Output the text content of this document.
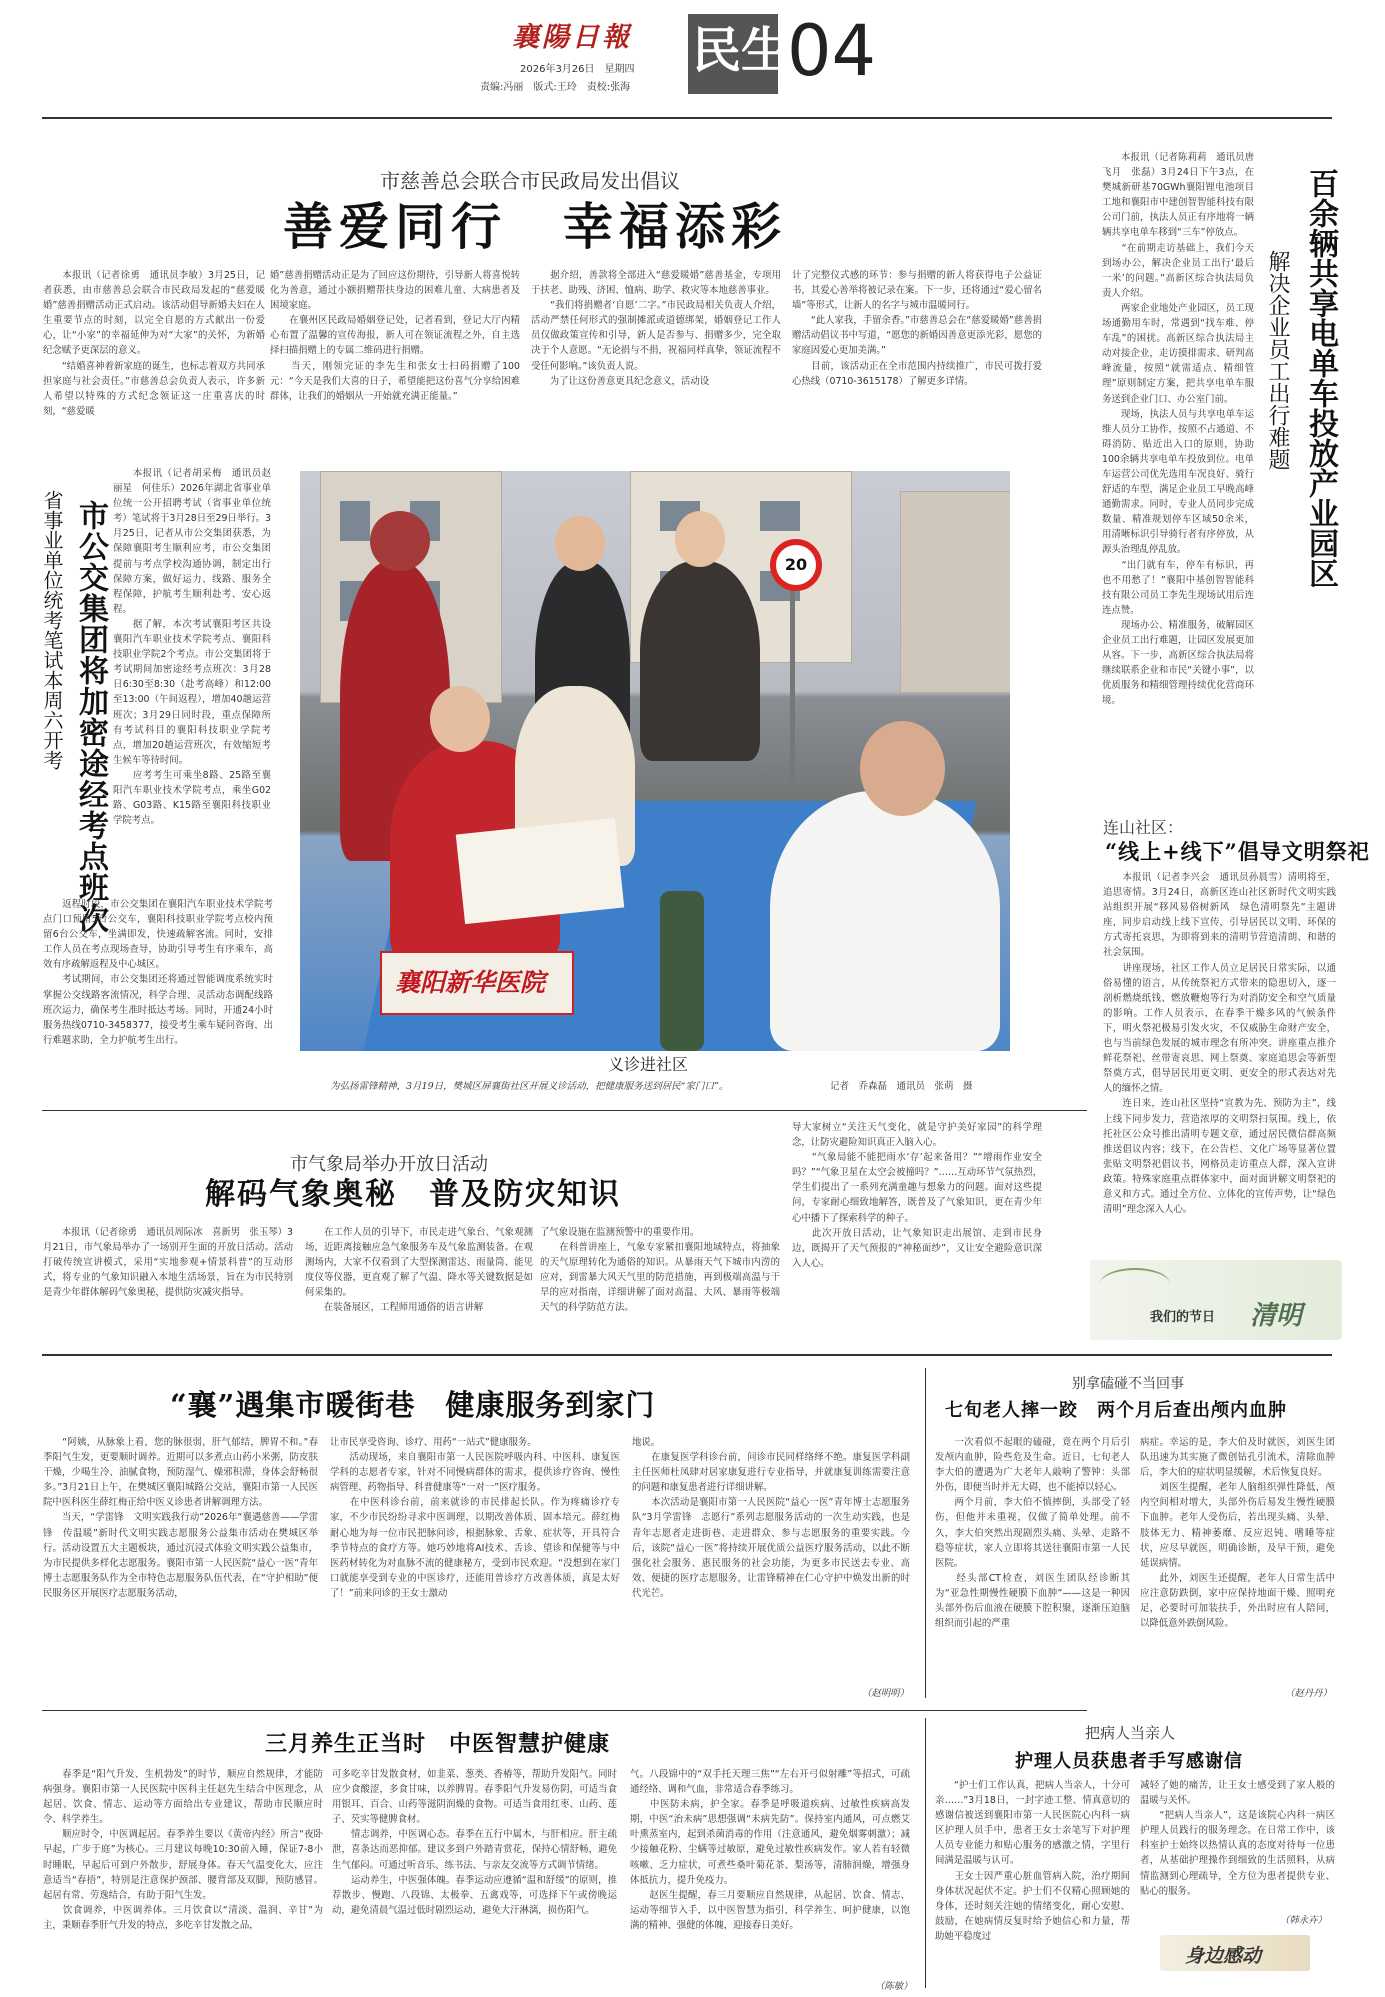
襄陽日報
2026年3月26日　星期四
责编:冯丽　版式:王玲　责校:张海
民生
04
市慈善总会联合市民政局发出倡议
善爱同行　幸福添彩
　　本报讯（记者徐勇　通讯员李敏）3月25日，记者获悉，由市慈善总会联合市民政局发起的“慈爱暖婚”慈善捐赠活动正式启动。该活动倡导新婚夫妇在人生重要节点的时刻，以完全自愿的方式献出一份爱心，让“小家”的幸福延伸为对“大家”的关怀，为新婚纪念赋予更深层的意义。
　　“结婚喜神着新家庭的诞生，也标志着双方共同承担家庭与社会责任。”市慈善总会负责人表示，许多新人希望以特殊的方式纪念领证这一庄重喜庆的时刻，“慈爱暖
婚”慈善捐赠活动正是为了回应这份期待，引导新人将喜悦转化为善意，通过小额捐赠帮扶身边的困难儿童、大病患者及困境家庭。
　　在襄州区民政局婚姻登记处，记者看到，登记大厅内精心布置了温馨的宣传海报，新人可在领证流程之外，自主选择扫描捐赠上的专属二维码进行捐赠。
　　当天，刚领完证的李先生和张女士扫码捐赠了100元：“今天是我们大喜的日子，希望能把这份喜气分享给困难群体，让我们的婚姻从一开始就充满正能量。”
　　据介绍，善款将全部进入“慈爱暖婚”慈善基金，专项用于扶老、助残、济困、恤病、助学、救灾等本地慈善事业。
　　“我们将捐赠者‘自愿’二字。”市民政局相关负责人介绍，活动严禁任何形式的强制摊派或道德绑架，婚姻登记工作人员仅做政策宣传和引导，新人是否参与、捐赠多少，完全取决于个人意愿。“无论捐与不捐，祝福同样真挚，领证流程不受任何影响。”该负责人说。
　　为了让这份善意更具纪念意义，活动设
计了完整仪式感的环节：参与捐赠的新人将获得电子公益证书，其爱心善举将被记录在案。下一步，还将通过“爱心留名墙”等形式，让新人的名字与城市温暖同行。
　　“此人家我，手留余香。”市慈善总会在“慈爱暖婚”慈善捐赠活动倡议书中写道，“愿您的新婚因善意更添光彩，愿您的家庭因爱心更加美满。”
　　目前，该活动正在全市范围内持续推广，市民可拨打爱心热线（0710-3615178）了解更多详情。
市公交集团将加密途经考点班次
省事业单位统考笔试本周六开考
　　本报讯（记者胡采梅　通讯员赵丽星　何佳乐）2026年湖北省事业单位统一公开招聘考试（省事业单位统考）笔试将于3月28日至29日举行。3月25日，记者从市公交集团获悉，为保障襄阳考生顺利应考，市公交集团提前与考点学校沟通协调，制定出行保障方案，做好运力、线路、服务全程保障，护航考生顺利赴考、安心返程。
　　据了解，本次考试襄阳考区共设襄阳汽车职业技术学院考点、襄阳科技职业学院2个考点。市公交集团将于考试期间加密途经考点班次：3月28日6:30至8:30（赴考高峰）和12:00至13:00（午间返程），增加40趟运营班次；3月29日同时段，重点保障所有考试科目的襄阳科技职业学院考点，增加20趟运营班次，有效缩短考生候车等待时间。
　　应考考生可乘坐8路、25路至襄阳汽车职业技术学院考点，乘坐G02路、G03路、K15路至襄阳科技职业学院考点。
　　返程时段，市公交集团在襄阳汽车职业技术学院考点门口预留5台公交车，襄阳科技职业学院考点校内预留6台公交车，坐满即发，快速疏解客流。同时，安排工作人员在考点现场查导，协助引导考生有序乘车，高效有序疏解返程及中心城区。
　　考试期间，市公交集团还将通过智能调度系统实时掌握公交线路客流情况，科学合理、灵活动态调配线路班次运力，确保考生准时抵达考场。同时，开通24小时服务热线0710-3458377，接受考生乘车疑问咨询、出行难题求助，全力护航考生出行。
20
襄阳新华医院
义诊进社区
为弘扬雷锋精神，3月19日，樊城区屏襄街社区开展义诊活动，把健康服务送到居民“家门口”。	记者　乔森磊　通讯员　张萌　摄
百余辆共享电单车投放产业园区
解决企业员工出行难题
　　本报讯（记者陈莉莉　通讯员唐飞月　张磊）3月24日下午3点，在樊城新研基70GWh襄阳锂电池项目工地和襄阳市中建创智智能科技有限公司门前，执法人员正有序地将一辆辆共享电单车移到“三车”停放点。
　　“在前期走访基础上，我们今天到场办公，解决企业员工出行‘最后一米’的问题。”高新区综合执法局负责人介绍。
　　两家企业地处产业园区，员工现场通勤用车时，常遇到“找车难、停车乱”的困扰。高新区综合执法局主动对接企业，走访摸排需求、研判高峰流量，按照“就需适点、精细管理”原则制定方案，把共享电单车服务送到企业门口、办公室门前。
　　现场，执法人员与共享电单车运维人员分工协作，按照不占通道、不碍消防、贴近出入口的原则，协助100余辆共享电单车投放到位。电单车运营公司优先选用车况良好、骑行舒适的车型，满足企业员工早晚高峰通勤需求。同时，专业人员同步完成数量、精准规划停车区域50余米，用清晰标识引导骑行者有序停放，从源头治理乱停乱放。
　　“出门就有车，停车有标识，再也不用愁了！”襄阳中基创智智能科技有限公司员工李先生现场试用后连连点赞。
　　现场办公、精准服务，破解园区企业员工出行难题，让园区发展更加从容。下一步，高新区综合执法局将继续联系企业和市民“关键小事”，以优质服务和精细管理持续优化营商环境。
连山社区：
“线上+线下”倡导文明祭祀
　　本报讯（记者李兴会　通讯员孙晨雪）清明将至，追思寄情。3月24日，高新区连山社区新时代文明实践站组织开展“移风易俗树新风　绿色清明祭先”主题讲座，同步启动线上线下宣传，引导居民以文明、环保的方式寄托哀思，为即将到来的清明节营造清朗、和谐的社会氛围。
　　讲座现场，社区工作人员立足居民日常实际，以通俗易懂的语言，从传统祭祀方式带来的隐患切入，逐一剖析燃烧纸钱、燃放鞭炮等行为对消防安全和空气质量的影响。工作人员表示，在春季干燥多风的气候条件下，明火祭祀极易引发火灾，不仅威胁生命财产安全，也与当前绿色发展的城市理念有所冲突。讲座重点推介鲜花祭祀、丝带寄哀思、网上祭奠、家庭追思会等新型祭奠方式，倡导居民用更文明、更安全的形式表达对先人的缅怀之情。
　　连日来，连山社区坚持“宣教为先、预防为主”，线上线下同步发力，营造浓厚的文明祭扫氛围。线上，依托社区公众号推出清明专题文章，通过居民微信群高频推送倡议内容；线下，在公告栏、文化广场等显著位置张贴文明祭祀倡议书，网格员走访重点人群，深入宣讲政策。特殊家庭重点群体家中，面对面讲解文明祭祀的意义和方式。通过全方位、立体化的宣传声势，让“绿色清明”理念深入人心。
我们的节日 清明
市气象局举办开放日活动
解码气象奥秘　普及防灾知识
　　本报讯（记者徐勇　通讯员周际冰　喜新男　张玉琴）3月21日，市气象局举办了一场别开生面的开放日活动。活动打破传统宣讲模式，采用“实地参观+情景科普”的互动形式，将专业的气象知识融入本地生活场景，旨在为市民特别是青少年群体解码气象奥秘，提供防灾减灾指导。
　　在工作人员的引导下，市民走进气象台、气象观测场，近距离接触应急气象服务车及气象监测装备。在观测场内，大家不仅看到了大型探测雷达、雨量筒、能见度仪等仪器，更直观了解了气温、降水等关键数据是如何采集的。
　　在装备展区，工程师用通俗的语言讲解
了气象设施在监测预警中的重要作用。
　　在科普讲座上，气象专家紧扣襄阳地域特点，将抽象的天气原理转化为通俗的知识。从暴雨天气下城市内涝的应对，到雷暴大风天气里的防范措施，再到极端高温与干旱的应对指南，详细讲解了面对高温、大风、暴雨等极端天气的科学防范方法。
导大家树立“关注天气变化，就是守护美好家园”的科学理念，让防灾避险知识真正入脑入心。
　　“气象局能不能把雨水‘存’起来备用？”“增雨作业安全吗？”“气象卫星在太空会被撞吗？”……互动环节气氛热烈，学生们提出了一系列充满童趣与想象力的问题。面对这些提问，专家耐心细致地解答，既普及了气象知识，更在青少年心中播下了探索科学的种子。
　　此次开放日活动，让气象知识走出展馆、走到市民身边，既揭开了天气预报的“神秘面纱”，又让安全避险意识深入人心。
“襄”遇集市暖街巷　健康服务到家门
　　“阿姨，从脉象上看，您的脉很弱，肝气郁结，脾胃不和。”春季阳气生发，更要顺时调养。近期可以多煮点山药小米粥，防皮肤干燥，少喝生冷、油腻食物，预防湿气、燥邪积滞，身体会舒畅很多。”3月21日上午，在樊城区襄阳城路公交站，襄阳市第一人民医院中医科医生薛红梅正给中医义诊患者讲解调理方法。
　　当天，“学雷锋　文明实践我行动”2026年“襄遇慈善——学雷锋　传温暖”新时代文明实践志愿服务公益集市活动在樊城区举行。活动设置五大主题板块，通过沉浸式体验文明实践公益集市，为市民提供多样化志愿服务。襄阳市第一人民医院“益心一医”青年博士志愿服务队作为全市特色志愿服务队伍代表，在“守护相助”便民服务区开展医疗志愿服务活动，
让市民享受咨询、诊疗、用药“一站式”健康服务。
　　活动现场，来自襄阳市第一人民医院呼吸内科、中医科、康复医学科的志愿者专家，针对不同慢病群体的需求，提供诊疗咨询、慢性病管理、药物指导、科普健康等“一对一”医疗服务。
　　在中医科诊台前，前来就诊的市民排起长队。作为疼痛诊疗专家，不少市民纷纷寻求中医调理，以期改善体质、固本培元。薛红梅耐心地为每一位市民把脉问诊，根据脉象、舌象、症状等，开具符合季节特点的食疗方等。她巧妙地将AI技术、舌诊、望诊和保健等与中医药材转化为对血脉不流的健康秘方，受到市民欢迎。“没想到在家门口就能享受到专业的中医诊疗，还能用普诊疗方改善体质，真是太好了！”前来问诊的王女士激动
地说。
　　在康复医学科诊台前，问诊市民同样络绎不绝。康复医学科副主任医师杜凤肆对居家康复进行专业指导，并就康复训练需要注意的问题和康复患者进行详细讲解。
　　本次活动是襄阳市第一人民医院“益心一医”青年博士志愿服务队“3月学雷锋　志愿行”系列志愿服务活动的一次生动实践，也是青年志愿者走进街巷、走进群众、参与志愿服务的重要实践。今后，该院“益心一医”将持续开展优质公益医疗服务活动，以此不断强化社会服务、惠民服务的社会功能，为更多市民送去专业、高效、便捷的医疗志愿服务，让雷锋精神在仁心守护中焕发出新的时代光芒。
（赵明明）
别拿磕碰不当回事
七旬老人摔一跤　两个月后查出颅内血肿
　　一次看似不起眼的磕碰，竟在两个月后引发颅内血肿，险些危及生命。近日，七旬老人李大伯的遭遇为广大老年人敲响了警钟：头部外伤，即便当时并无大碍，也不能掉以轻心。
　　两个月前，李大伯不慎摔倒，头部受了轻伤，但他并未重视，仅做了简单处理。前不久，李大伯突然出现剧烈头痛、头晕、走路不稳等症状，家人立即将其送往襄阳市第一人民医院。
　　经头部CT检查，刘医生团队经诊断其为“亚急性期慢性硬膜下血肿”——这是一种因头部外伤后血液在硬膜下腔积聚，逐渐压迫脑组织而引起的严重
病症。幸运的是，李大伯及时就医，刘医生团队迅速为其实施了微创钻孔引流术，清除血肿后，李大伯的症状明显缓解，术后恢复良好。
　　刘医生提醒，老年人脑组织弹性降低，颅内空间相对增大，头部外伤后易发生慢性硬膜下血肿。老年人受伤后，若出现头痛、头晕、肢体无力、精神萎靡、反应迟钝、嗜睡等症状，应尽早就医，明确诊断，及早干预，避免延误病情。
　　此外，刘医生还提醒，老年人日常生活中应注意防跌倒，家中应保持地面干燥、照明充足，必要时可加装扶手，外出时应有人陪同，以降低意外跌倒风险。
（赵丹丹）
三月养生正当时　中医智慧护健康
　　春季是“阳气升发、生机勃发”的时节，顺应自然规律，才能防病强身。襄阳市第一人民医院中医科主任赵先生结合中医理念，从起居、饮食、情志、运动等方面给出专业建议，帮助市民顺应时令、科学养生。
　　顺应时令，中医调起居。春季养生要以《黄帝内经》所言“夜卧早起，广步于庭”为核心。三月建议每晚10:30前入睡，保证7-8小时睡眠，早起后可到户外散步，舒展身体。春天气温变化大，应注意适当“春捂”，特别是注意保护颈部、腰背部及双脚，预防感冒。起居有常、劳逸结合，有助于阳气生发。
　　饮食调养，中医调养体。三月饮食以“清淡、温润、辛甘”为主，秉顺春季肝气升发的特点，多吃辛甘发散之品，
可多吃辛甘发散食材，如韭菜、葱类、香椿等，帮助升发阳气。同时应少食酸涩，多食甘味，以养脾胃。春季阳气升发易伤阴，可适当食用银耳、百合、山药等滋阴润燥的食物。可适当食用红枣、山药、莲子、芡实等健脾食材。
　　情志调养，中医调心态。春季在五行中属木，与肝相应。肝主疏泄，喜条达而恶抑郁。建议多到户外踏青赏花，保持心情舒畅，避免生气郁闷。可通过听音乐、练书法、与亲友交流等方式调节情绪。
　　运动养生，中医强体魄。春季运动应遵循“温和舒缓”的原则，推荐散步、慢跑、八段锦、太极拳、五禽戏等，可选择下午或傍晚运动，避免清晨气温过低时剧烈运动，避免大汗淋漓，损伤阳气。
气。八段锦中的“双手托天理三焦”“左右开弓似射雕”等招式，可疏通经络、调和气血，非常适合春季练习。
　　中医防未病，护全家。春季是呼吸道疾病、过敏性疾病高发期，中医“治未病”思想强调“未病先防”。保持室内通风，可点燃艾叶熏蒸室内，起到杀菌消毒的作用（注意通风，避免烟雾刺激）；减少接触花粉、尘螨等过敏原，避免过敏性疾病发作。家人若有轻微咳嗽、乏力症状，可煮些桑叶菊花茶、梨汤等，清肺润燥，增强身体抵抗力，提升免疫力。
　　赵医生提醒，春三月要顺应自然规律，从起居、饮食、情志、运动等细节入手，以中医智慧为指引，科学养生、呵护健康，以饱满的精神、强健的体魄，迎接春日美好。
（陈敏）
把病人当亲人
护理人员获患者手写感谢信
　　“护士们工作认真，把病人当亲人，十分可亲……”3月18日，一封字迹工整、情真意切的感谢信被送到襄阳市第一人民医院心内科一病区护理人员手中，患者王女士亲笔写下对护理人员专业能力和贴心服务的感激之情，字里行间满是温暖与认可。
　　王女士因严重心脏血管病入院，治疗期间身体状况起伏不定。护士们不仅精心照顾她的身体，还时刻关注她的情绪变化，耐心安慰、鼓励，在她病情反复时给予她信心和力量，帮助她平稳度过
减轻了她的痛苦，让王女士感受到了家人般的温暖与关怀。
　　“把病人当亲人”，这是该院心内科一病区护理人员践行的服务理念。在日常工作中，该科室护士始终以热情认真的态度对待每一位患者，从基础护理操作到细致的生活照料，从病情监测到心理疏导，全方位为患者提供专业、贴心的服务。
（韩永卉）
身边感动
